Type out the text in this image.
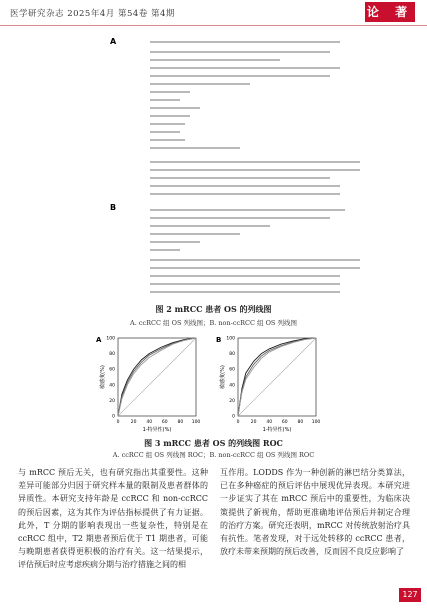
医学研究杂志 2025年4月 第54卷 第4期	论 著
A
B
图 2 mRCC 患者 OS 的列线图
A. ccRCC 组 OS 列线图；B. non-ccRCC 组 OS 列线图
A
0	20 40 60 80 100
0
20
40
60
80
100
1-特异性(%)
敏感度(%)
B
0	20 40 60 80 100
0
20
40
60
80
100
1-特异性(%)
敏感度(%)
图 3 mRCC 患者 OS 的列线图 ROC
A. ccRCC 组 OS 列线图 ROC；B. non-ccRCC 组 OS 列线图 ROC
与 mRCC 预后无关，也有研究指出其重要性。这种差异可能部分归因于研究样本量的限制及患者群体的异质性。本研究支持年龄是 ccRCC 和 non-ccRCC 的预后因素，这为其作为评估指标提供了有力证据。此外，T 分期的影响表现出一些复杂性，特别是在 ccRCC 组中，T2 期患者预后优于 T1 期患者，可能与晚期患者获得更积极的治疗有关。这一结果提示，评估预后时应考虑疾病分期与治疗措施之间的相
互作用。LODDS 作为一种创新的淋巴结分类算法，已在多种癌症的预后评估中展现优异表现。本研究进一步证实了其在 mRCC 预后中的重要性，为临床决策提供了新视角，帮助更准确地评估预后并制定合理的治疗方案。研究还表明，mRCC 对传统放射治疗具有抗性。笔者发现，对于远处转移的 ccRCC 患者，放疗未带来预期的预后改善，反而因不良反应影响了
127
